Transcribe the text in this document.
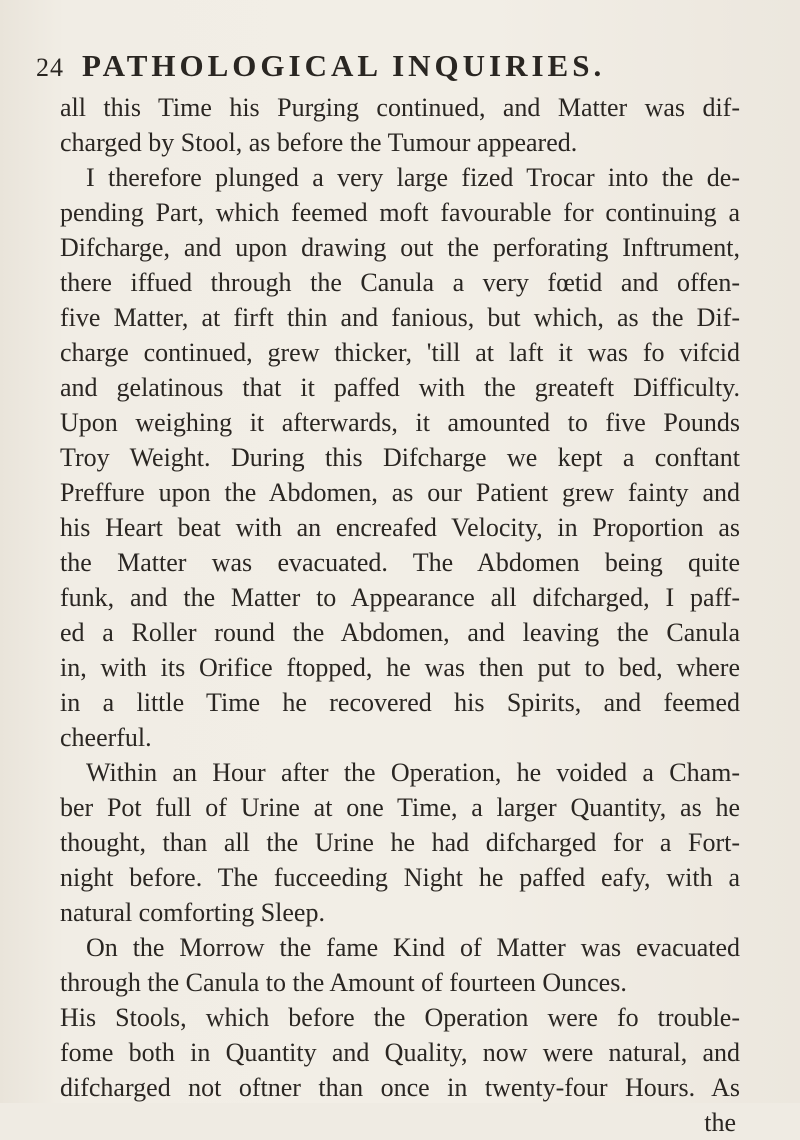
24 PATHOLOGICAL INQUIRIES.
all this Time his Purging continued, and Matter was dif-
charged by Stool, as before the Tumour appeared.
I therefore plunged a very large fized Trocar into the de-
pending Part, which feemed moft favourable for continuing a
Difcharge, and upon drawing out the perforating Inftrument,
there iffued through the Canula a very fœtid and offen-
five Matter, at firft thin and fanious, but which, as the Dif-
charge continued, grew thicker, 'till at laft it was fo vifcid
and gelatinous that it paffed with the greateft Difficulty.
Upon weighing it afterwards, it amounted to five Pounds
Troy Weight. During this Difcharge we kept a conftant
Preffure upon the Abdomen, as our Patient grew fainty and
his Heart beat with an encreafed Velocity, in Proportion as
the Matter was evacuated. The Abdomen being quite
funk, and the Matter to Appearance all difcharged, I paff-
ed a Roller round the Abdomen, and leaving the Canula
in, with its Orifice ftopped, he was then put to bed, where
in a little Time he recovered his Spirits, and feemed
cheerful.
Within an Hour after the Operation, he voided a Cham-
ber Pot full of Urine at one Time, a larger Quantity, as he
thought, than all the Urine he had difcharged for a Fort-
night before. The fucceeding Night he paffed eafy, with a
natural comforting Sleep.
On the Morrow the fame Kind of Matter was evacuated
through the Canula to the Amount of fourteen Ounces.
His Stools, which before the Operation were fo trouble-
fome both in Quantity and Quality, now were natural, and
difcharged not oftner than once in twenty-four Hours. As
the
